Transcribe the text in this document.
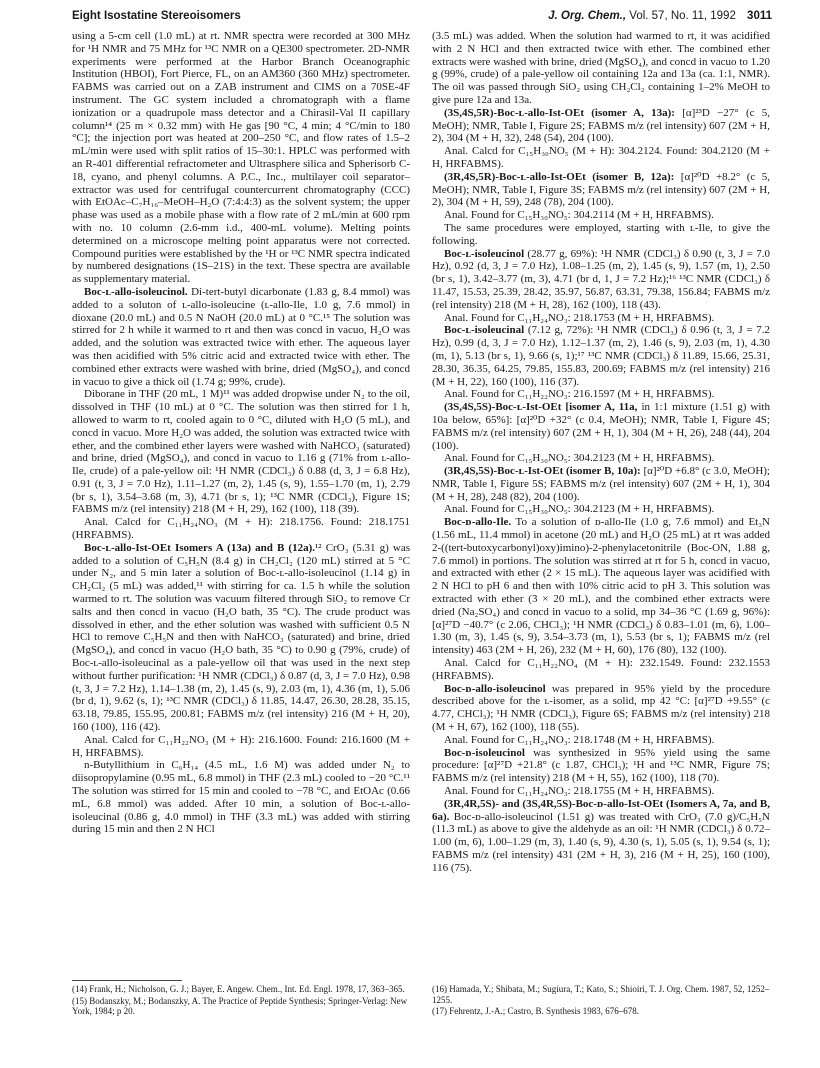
Eight Isostatine Stereoisomers	J. Org. Chem., Vol. 57, No. 11, 1992 3011

using a 5-cm cell (1.0 mL) at rt. NMR spectra were recorded at 300 MHz for ¹H NMR and 75 MHz for ¹³C NMR on a QE300 spectrometer. 2D-NMR experiments were performed at the Harbor Branch Oceanographic Institution (HBOI), Fort Pierce, FL, on an AM360 (360 MHz) spectrometer. FABMS was carried out on a ZAB instrument and CIMS on a 70SE-4F instrument. The GC system included a chromatograph with a flame ionization or a quadrupole mass detector and a Chirasil-Val II capillary column¹⁴ (25 m × 0.32 mm) with He gas [90 °C, 4 min; 4 °C/min to 180 °C]; the injection port was heated at 200–250 °C, and flow rates of 1.5–2 mL/min were used with split ratios of 15–30:1. HPLC was performed with an R-401 differential refractometer and Ultrasphere silica and Spherisorb C-18, cyano, and phenyl columns. A P.C., Inc., multilayer coil separator–extractor was used for centrifugal countercurrent chromatography (CCC) with EtOAc–C₇H₁₆–MeOH–H₂O (7:4:4:3) as the solvent system; the upper phase was used as a mobile phase with a flow rate of 2 mL/min at 600 rpm with no. 10 column (2.6-mm i.d., 400-mL volume). Melting points determined on a microscope melting point apparatus were not corrected. Compound purities were established by the ¹H or ¹³C NMR spectra indicated by numbered designations (1S–21S) in the text. These spectra are available as supplementary material.

Boc-ʟ-allo-isoleucinol. Di-tert-butyl dicarbonate (1.83 g, 8.4 mmol) was added to a soluton of ʟ-allo-isoleucine (ʟ-allo-Ile, 1.0 g, 7.6 mmol) in dioxane (20.0 mL) and 0.5 N NaOH (20.0 mL) at 0 °C.¹⁵ The solution was stirred for 2 h while it warmed to rt and then was concd in vacuo, H₂O was added, and the solution was extracted twice with ether. The aqueous layer was then acidified with 5% citric acid and extracted twice with ether. The combined ether extracts were washed with brine, dried (MgSO₄), and concd in vacuo to give a thick oil (1.74 g; 99%, crude).

Diborane in THF (20 mL, 1 M)¹¹ was added dropwise under N₂ to the oil, dissolved in THF (10 mL) at 0 °C. The solution was then stirred for 1 h, allowed to warm to rt, cooled again to 0 °C, diluted with H₂O (5 mL), and concd in vacuo. More H₂O was added, the solution was extracted twice with ether, and the combined ether layers were washed with NaHCO₃ (saturated) and brine, dried (MgSO₄), and concd in vacuo to 1.16 g (71% from ʟ-allo-Ile, crude) of a pale-yellow oil: ¹H NMR (CDCl₃) δ 0.88 (d, 3, J = 6.8 Hz), 0.91 (t, 3, J = 7.0 Hz), 1.11–1.27 (m, 2), 1.45 (s, 9), 1.55–1.70 (m, 1), 2.79 (br s, 1), 3.54–3.68 (m, 3), 4.71 (br s, 1); ¹³C NMR (CDCl₃), Figure 1S; FABMS m/z (rel intensity) 218 (M + H, 29), 162 (100), 118 (39).

Anal. Calcd for C₁₁H₂₄NO₃ (M + H): 218.1756. Found: 218.1751 (HRFABMS).

Boc-ʟ-allo-Ist-OEt Isomers A (13a) and B (12a).¹² CrO₃ (5.31 g) was added to a solution of C₅H₅N (8.4 g) in CH₂Cl₂ (120 mL) stirred at 5 °C under N₂, and 5 min later a solution of Boc-ʟ-allo-isoleucinol (1.14 g) in CH₂Cl₂ (5 mL) was added,¹¹ with stirring for ca. 1.5 h while the solution warmed to rt. The solution was vacuum filtered through SiO₂ to remove Cr salts and then concd in vacuo (H₂O bath, 35 °C). The crude product was dissolved in ether, and the ether solution was washed with sufficient 0.5 N HCl to remove C₅H₅N and then with NaHCO₃ (saturated) and brine, dried (MgSO₄), and concd in vacuo (H₂O bath, 35 °C) to 0.90 g (79%, crude) of Boc-ʟ-allo-isoleucinal as a pale-yellow oil that was used in the next step without further purification: ¹H NMR (CDCl₃) δ 0.87 (d, 3, J = 7.0 Hz), 0.98 (t, 3, J = 7.2 Hz), 1.14–1.38 (m, 2), 1.45 (s, 9), 2.03 (m, 1), 4.36 (m, 1), 5.06 (br d, 1), 9.62 (s, 1); ¹³C NMR (CDCl₃) δ 11.85, 14.47, 26.30, 28.28, 35.15, 63.18, 79.85, 155.95, 200.81; FABMS m/z (rel intensity) 216 (M + H, 20), 160 (100), 116 (42).

Anal. Calcd for C₁₁H₂₂NO₃ (M + H): 216.1600. Found: 216.1600 (M + H, HRFABMS).

n-Butyllithium in C₆H₁₄ (4.5 mL, 1.6 M) was added under N₂ to diisopropylamine (0.95 mL, 6.8 mmol) in THF (2.3 mL) cooled to −20 °C.¹¹ The solution was stirred for 15 min and cooled to −78 °C, and EtOAc (0.66 mL, 6.8 mmol) was added. After 10 min, a solution of Boc-ʟ-allo-isoleucinal (0.86 g, 4.0 mmol) in THF (3.3 mL) was added with stirring during 15 min and then 2 N HCl

(3.5 mL) was added. When the solution had warmed to rt, it was acidified with 2 N HCl and then extracted twice with ether. The combined ether extracts were washed with brine, dried (MgSO₄), and concd in vacuo to 1.20 g (99%, crude) of a pale-yellow oil containing 12a and 13a (ca. 1:1, NMR). The oil was passed through SiO₂ using CH₂Cl₂ containing 1–2% MeOH to give pure 12a and 13a.

(3S,4S,5R)-Boc-ʟ-allo-Ist-OEt (isomer A, 13a): [α]²³D −27° (c 5, MeOH); NMR, Table I, Figure 2S; FABMS m/z (rel intensity) 607 (2M + H, 2), 304 (M + H, 32), 248 (54), 204 (100).

Anal. Calcd for C₁₅H₃₀NO₅ (M + H): 304.2124. Found: 304.2120 (M + H, HRFABMS).

(3R,4S,5R)-Boc-ʟ-allo-Ist-OEt (isomer B, 12a): [α]²⁰D +8.2° (c 5, MeOH); NMR, Table I, Figure 3S; FABMS m/z (rel intensity) 607 (2M + H, 2), 304 (M + H, 59), 248 (78), 204 (100).

Anal. Found for C₁₅H₃₀NO₅: 304.2114 (M + H, HRFABMS).

The same procedures were employed, starting with ʟ-Ile, to give the following.

Boc-ʟ-isoleucinol (28.77 g, 69%): ¹H NMR (CDCl₃) δ 0.90 (t, 3, J = 7.0 Hz), 0.92 (d, 3, J = 7.0 Hz), 1.08–1.25 (m, 2), 1.45 (s, 9), 1.57 (m, 1), 2.50 (br s, 1), 3.42–3.77 (m, 3), 4.71 (br d, 1, J = 7.2 Hz);¹⁶ ¹³C NMR (CDCl₃) δ 11.47, 15.53, 25.39, 28.42, 35.97, 56.87, 63.31, 79.38, 156.84; FABMS m/z (rel intensity) 218 (M + H, 28), 162 (100), 118 (43).

Anal. Found for C₁₁H₂₄NO₃: 218.1753 (M + H, HRFABMS).

Boc-ʟ-isoleucinal (7.12 g, 72%): ¹H NMR (CDCl₃) δ 0.96 (t, 3, J = 7.2 Hz), 0.99 (d, 3, J = 7.0 Hz), 1.12–1.37 (m, 2), 1.46 (s, 9), 2.03 (m, 1), 4.30 (m, 1), 5.13 (br s, 1), 9.66 (s, 1);¹⁷ ¹³C NMR (CDCl₃) δ 11.89, 15.66, 25.31, 28.30, 36.35, 64.25, 79.85, 155.83, 200.69; FABMS m/z (rel intensity) 216 (M + H, 22), 160 (100), 116 (37).

Anal. Found for C₁₁H₂₂NO₃: 216.1597 (M + H, HRFABMS).

(3S,4S,5S)-Boc-ʟ-Ist-OEt [isomer A, 11a, in 1:1 mixture (1.51 g) with 10a below, 65%]: [α]²⁰D +32° (c 0.4, MeOH); NMR, Table I, Figure 4S; FABMS m/z (rel intensity) 607 (2M + H, 1), 304 (M + H, 26), 248 (44), 204 (100).

Anal. Found for C₁₅H₃₀NO₅: 304.2123 (M + H, HRFABMS).

(3R,4S,5S)-Boc-ʟ-Ist-OEt (isomer B, 10a): [α]²⁰D +6.8° (c 3.0, MeOH); NMR, Table I, Figure 5S; FABMS m/z (rel intensity) 607 (2M + H, 1), 304 (M + H, 28), 248 (82), 204 (100).

Anal. Found for C₁₅H₃₀NO₅: 304.2123 (M + H, HRFABMS).

Boc-ᴅ-allo-Ile. To a solution of ᴅ-allo-Ile (1.0 g, 7.6 mmol) and Et₃N (1.56 mL, 11.4 mmol) in acetone (20 mL) and H₂O (25 mL) at rt was added 2-((tert-butoxycarbonyl)oxy)imino)-2-phenylacetonitrile (Boc-ON, 1.88 g, 7.6 mmol) in portions. The solution was stirred at rt for 5 h, concd in vacuo, and extracted with ether (2 × 15 mL). The aqueous layer was acidified with 2 N HCl to pH 6 and then with 10% citric acid to pH 3. This solution was extracted with ether (3 × 20 mL), and the combined ether extracts were dried (Na₂SO₄) and concd in vacuo to a solid, mp 34–36 °C (1.69 g, 96%): [α]²⁷D −40.7° (c 2.06, CHCl₃); ¹H NMR (CDCl₃) δ 0.83–1.01 (m, 6), 1.00–1.30 (m, 3), 1.45 (s, 9), 3.54–3.73 (m, 1), 5.53 (br s, 1); FABMS m/z (rel intensity) 463 (2M + H, 26), 232 (M + H, 60), 176 (80), 132 (100).

Anal. Calcd for C₁₁H₂₂NO₄ (M + H): 232.1549. Found: 232.1553 (HRFABMS).

Boc-ᴅ-allo-isoleucinol was prepared in 95% yield by the procedure described above for the ʟ-isomer, as a solid, mp 42 °C: [α]²⁷D +9.55° (c 4.77, CHCl₃); ¹H NMR (CDCl₃), Figure 6S; FABMS m/z (rel intensity) 218 (M + H, 67), 162 (100), 118 (55).

Anal. Found for C₁₁H₂₄NO₃: 218.1748 (M + H, HRFABMS).

Boc-ᴅ-isoleucinol was synthesized in 95% yield using the same procedure: [α]²⁷D +21.8° (c 1.87, CHCl₃); ¹H and ¹³C NMR, Figure 7S; FABMS m/z (rel intensity) 218 (M + H, 55), 162 (100), 118 (70).

Anal. Found for C₁₁H₂₄NO₃: 218.1755 (M + H, HRFABMS).

(3R,4R,5S)- and (3S,4R,5S)-Boc-ᴅ-allo-Ist-OEt (Isomers A, 7a, and B, 6a). Boc-ᴅ-allo-isoleucinol (1.51 g) was treated with CrO₃ (7.0 g)/C₅H₅N (11.3 mL) as above to give the aldehyde as an oil: ¹H NMR (CDCl₃) δ 0.72–1.00 (m, 6), 1.00–1.29 (m, 3), 1.40 (s, 9), 4.30 (s, 1), 5.05 (s, 1), 9.54 (s, 1); FABMS m/z (rel intensity) 431 (2M + H, 3), 216 (M + H, 25), 160 (100), 116 (75).

(14) Frank, H.; Nicholson, G. J.; Bayer, E. Angew. Chem., Int. Ed. Engl. 1978, 17, 363–365.
(15) Bodanszky, M.; Bodanszky, A. The Practice of Peptide Synthesis; Springer-Verlag: New York, 1984; p 20.
(16) Hamada, Y.; Shibata, M.; Sugiura, T.; Kato, S.; Shioiri, T. J. Org. Chem. 1987, 52, 1252–1255.
(17) Fehrentz, J.-A.; Castro, B. Synthesis 1983, 676–678.
